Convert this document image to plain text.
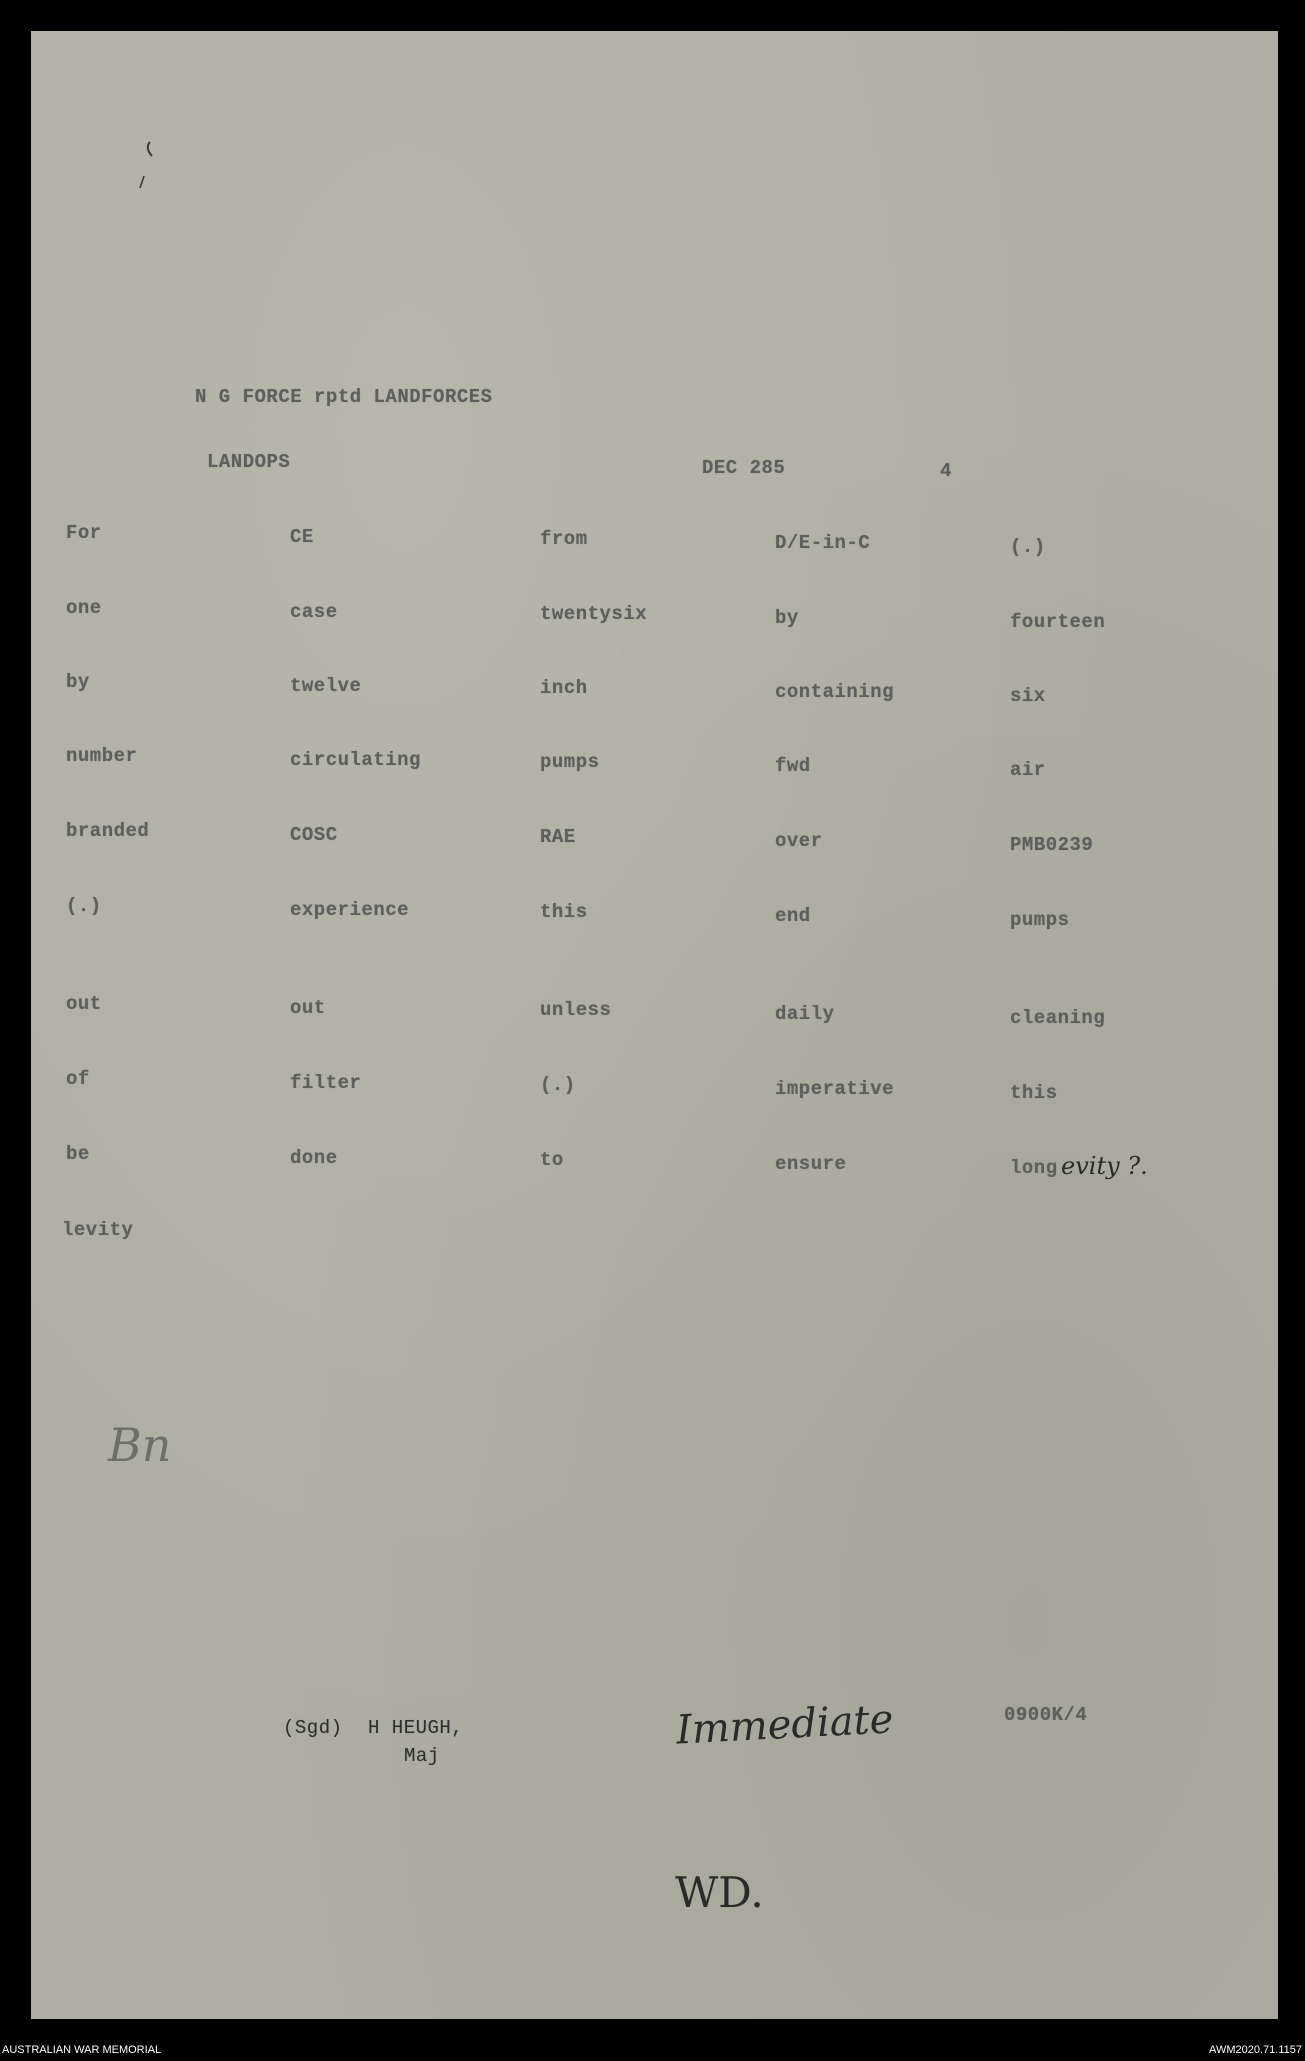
N G FORCE rptd LANDFORCES
LANDOPS	DEC 285	4
For	CE	from	D/E-in-C	(.)
one	case	twentysix	by	fourteen
by	twelve	inch	containing	six
number	circulating	pumps	fwd	air
branded	COSC	RAE	over	PMB0239
(.)	experience	this	end	pumps
out	out	unless	daily	cleaning
of	filter	(.)	imperative	this
be	done	to	ensure	long
levity
evity ?.
Bn
(Sgd) H HEUGH,
Maj
0900K/4
Immediate
WD.
AUSTRALIAN WAR MEMORIAL	AWM2020.71.1157
